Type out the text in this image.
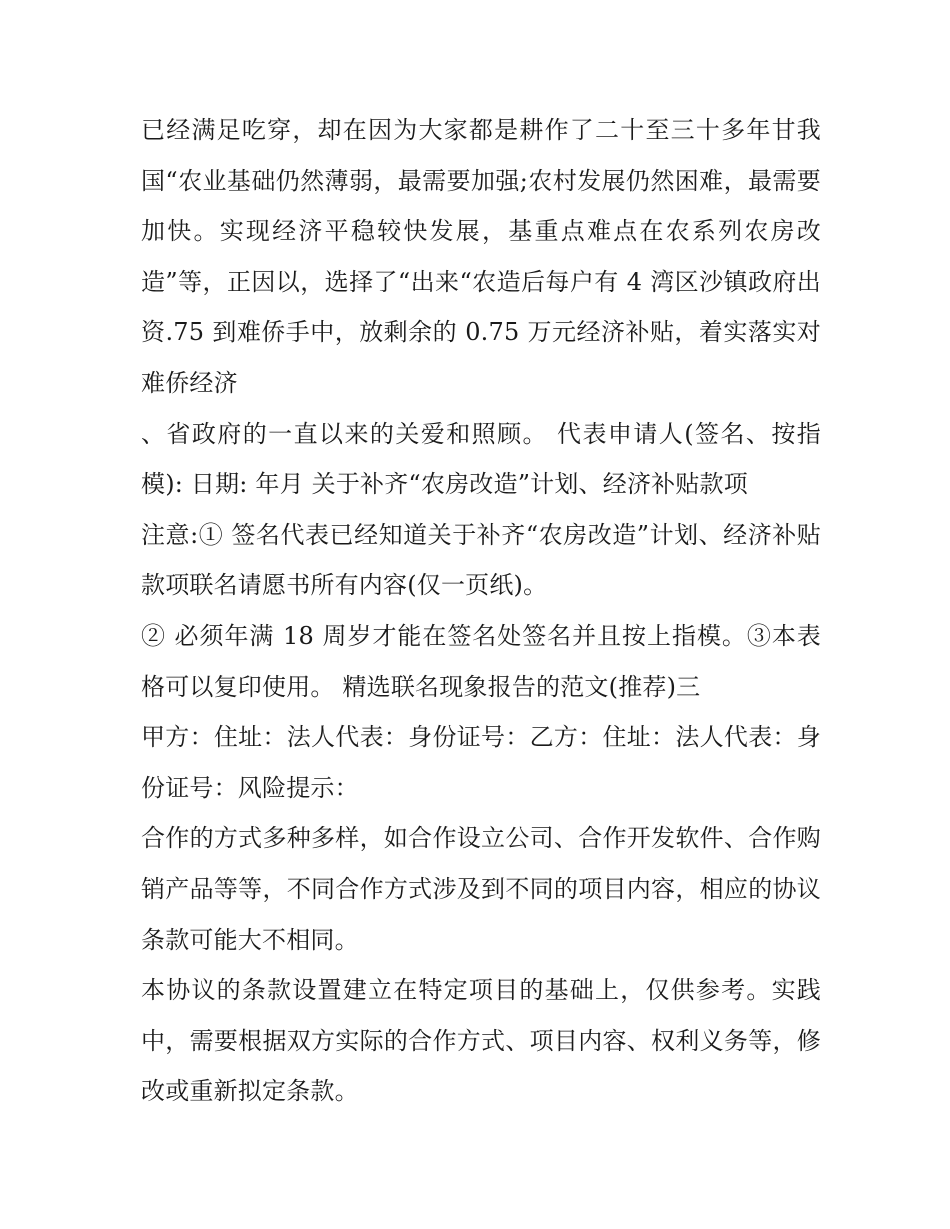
已经满足吃穿，却在因为大家都是耕作了二十至三十多年甘我国“农业基础仍然薄弱，最需要加强;农村发展仍然困难，最需要加快。实现经济平稳较快发展，基重点难点在农系列农房改造”等，正因以，选择了“出来“农造后每户有 4 湾区沙镇政府出资.75 到难侨手中，放剩余的 0.75 万元经济补贴，着实落实对难侨经济

、省政府的一直以来的关爱和照顾。 代表申请人(签名、按指模): 日期: 年月 关于补齐“农房改造”计划、经济补贴款项

注意:① 签名代表已经知道关于补齐“农房改造”计划、经济补贴款项联名请愿书所有内容(仅一页纸)。

② 必须年满 18 周岁才能在签名处签名并且按上指模。③本表格可以复印使用。 精选联名现象报告的范文(推荐)三

甲方：住址：法人代表：身份证号：乙方：住址：法人代表：身份证号：风险提示：

合作的方式多种多样，如合作设立公司、合作开发软件、合作购销产品等等，不同合作方式涉及到不同的项目内容，相应的协议条款可能大不相同。

本协议的条款设置建立在特定项目的基础上，仅供参考。实践中，需要根据双方实际的合作方式、项目内容、权利义务等，修改或重新拟定条款。
